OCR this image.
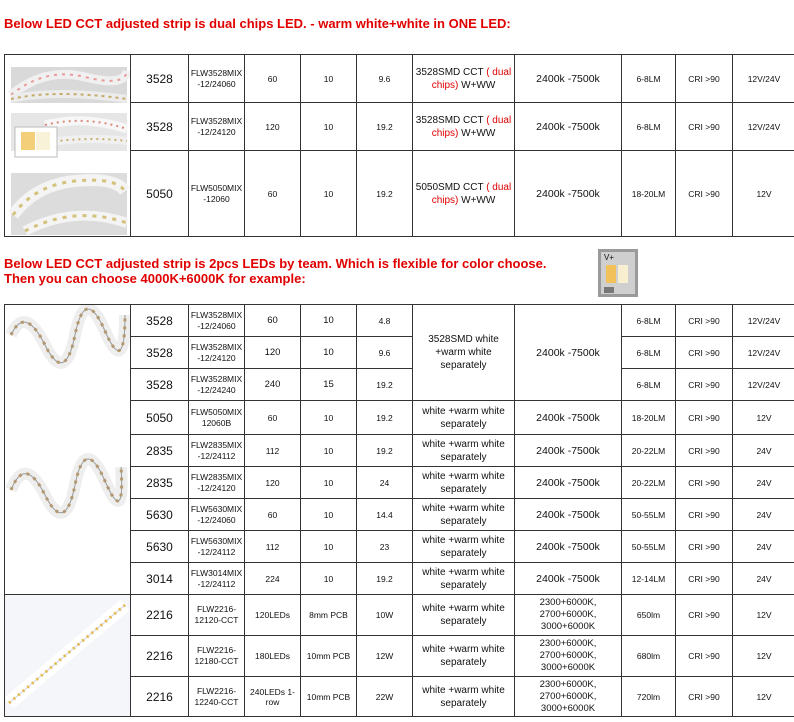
Below LED CCT adjusted strip is dual chips LED. - warm white+white in ONE LED:
	3528	FLW3528MIX -12/24060	60	10	9.6	3528SMD CCT ( dual chips) W+WW	2400k -7500k	6-8LM	CRI >90	12V/24V
	3528	FLW3528MIX -12/24120	120	10	19.2	3528SMD CCT ( dual chips) W+WW	2400k -7500k	6-8LM	CRI >90	12V/24V
	5050	FLW5050MIX -12060	60	10	19.2	5050SMD CCT ( dual chips) W+WW	2400k -7500k	18-20LM	CRI >90	12V
Below LED CCT adjusted strip is 2pcs LEDs by team. Which is flexible for color choose.
Then you can choose 4000K+6000K for example:
V+
	3528	FLW3528MIX -12/24060	60	10	4.8	3528SMD white +warm white separately	2400k -7500k	6-8LM	CRI >90	12V/24V
	3528	FLW3528MIX -12/24120	120	10	9.6			6-8LM	CRI >90	12V/24V
	3528	FLW3528MIX -12/24240	240	15	19.2			6-8LM	CRI >90	12V/24V
	5050	FLW5050MIX 12060B	60	10	19.2	white +warm white separately	2400k -7500k	18-20LM	CRI >90	12V
	2835	FLW2835MIX -12/24112	112	10	19.2	white +warm white separately	2400k -7500k	20-22LM	CRI >90	24V
	2835	FLW2835MIX -12/24120	120	10	24	white +warm white separately	2400k -7500k	20-22LM	CRI >90	24V
	5630	FLW5630MIX -12/24060	60	10	14.4	white +warm white separately	2400k -7500k	50-55LM	CRI >90	24V
	5630	FLW5630MIX -12/24112	112	10	23	white +warm white separately	2400k -7500k	50-55LM	CRI >90	24V
	3014	FLW3014MIX -12/24112	224	10	19.2	white +warm white separately	2400k -7500k	12-14LM	CRI >90	24V

	2216	FLW2216- 12120-CCT	120LEDs	8mm PCB	10W	white +warm white separately	2300+6000K, 2700+6000K, 3000+6000K	650lm	CRI >90	12V
	2216	FLW2216- 12180-CCT	180LEDs	10mm PCB	12W	white +warm white separately	2300+6000K, 2700+6000K, 3000+6000K	680lm	CRI >90	12V
	2216	FLW2216- 12240-CCT	240LEDs 1-row	10mm PCB	22W	white +warm white separately	2300+6000K, 2700+6000K, 3000+6000K	720lm	CRI >90	12V
